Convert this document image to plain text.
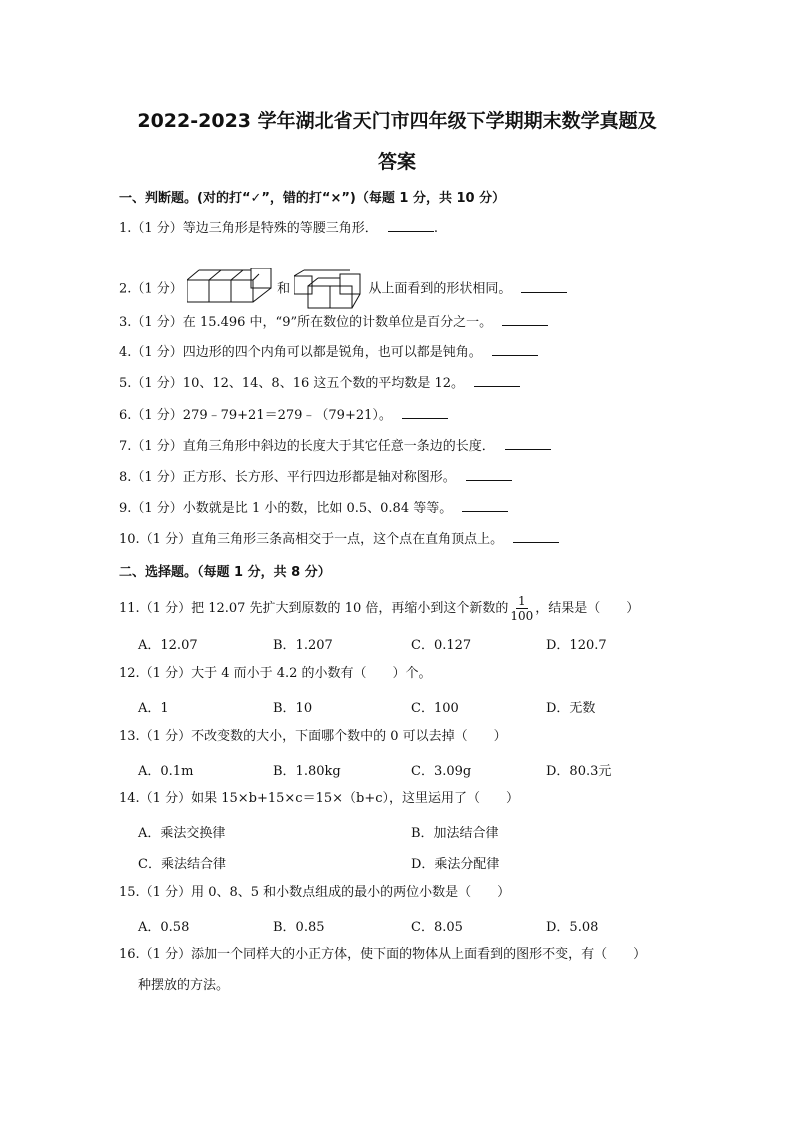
2022-2023 学年湖北省天门市四年级下学期期末数学真题及
答案
一、判断题。(对的打“✓”，错的打“×”)（每题 1 分，共 10 分）
1.（1 分）等边三角形是特殊的等腰三角形．	.
2.（1 分）	和	从上面看到的形状相同。
3.（1 分）在 15.496 中，“9”所在数位的计数单位是百分之一。
4.（1 分）四边形的四个内角可以都是锐角，也可以都是钝角。
5.（1 分）10、12、14、8、16 这五个数的平均数是 12。
6.（1 分）279﹣79+21＝279﹣（79+21）。
7.（1 分）直角三角形中斜边的长度大于其它任意一条边的长度．
8.（1 分）正方形、长方形、平行四边形都是轴对称图形。
9.（1 分）小数就是比 1 小的数，比如 0.5、0.84 等等。
10.（1 分）直角三角形三条高相交于一点，这个点在直角顶点上。
二、选择题。（每题 1 分，共 8 分）
11.（1 分）把 12.07 先扩大到原数的 10 倍，再缩小到这个新数的 $\frac{1}{100}$ ，结果是（　　）
A．12.07	B．1.207	C．0.127	D．120.7
12.（1 分）大于 4 而小于 4.2 的小数有（　　）个。
A．1	B．10	C．100	D．无数
13.（1 分）不改变数的大小，下面哪个数中的 0 可以去掉（　　）
A．0.1m	B．1.80kg	C．3.09g	D．80.3元
14.（1 分）如果 15×b+15×c＝15×（b+c），这里运用了（　　）
A．乘法交换律	B．加法结合律
C．乘法结合律	D．乘法分配律
15.（1 分）用 0、8、5 和小数点组成的最小的两位小数是（　　）
A．0.58	B．0.85	C．8.05	D．5.08
16.（1 分）添加一个同样大的小正方体，使下面的物体从上面看到的图形不变，有（　　）
种摆放的方法。
